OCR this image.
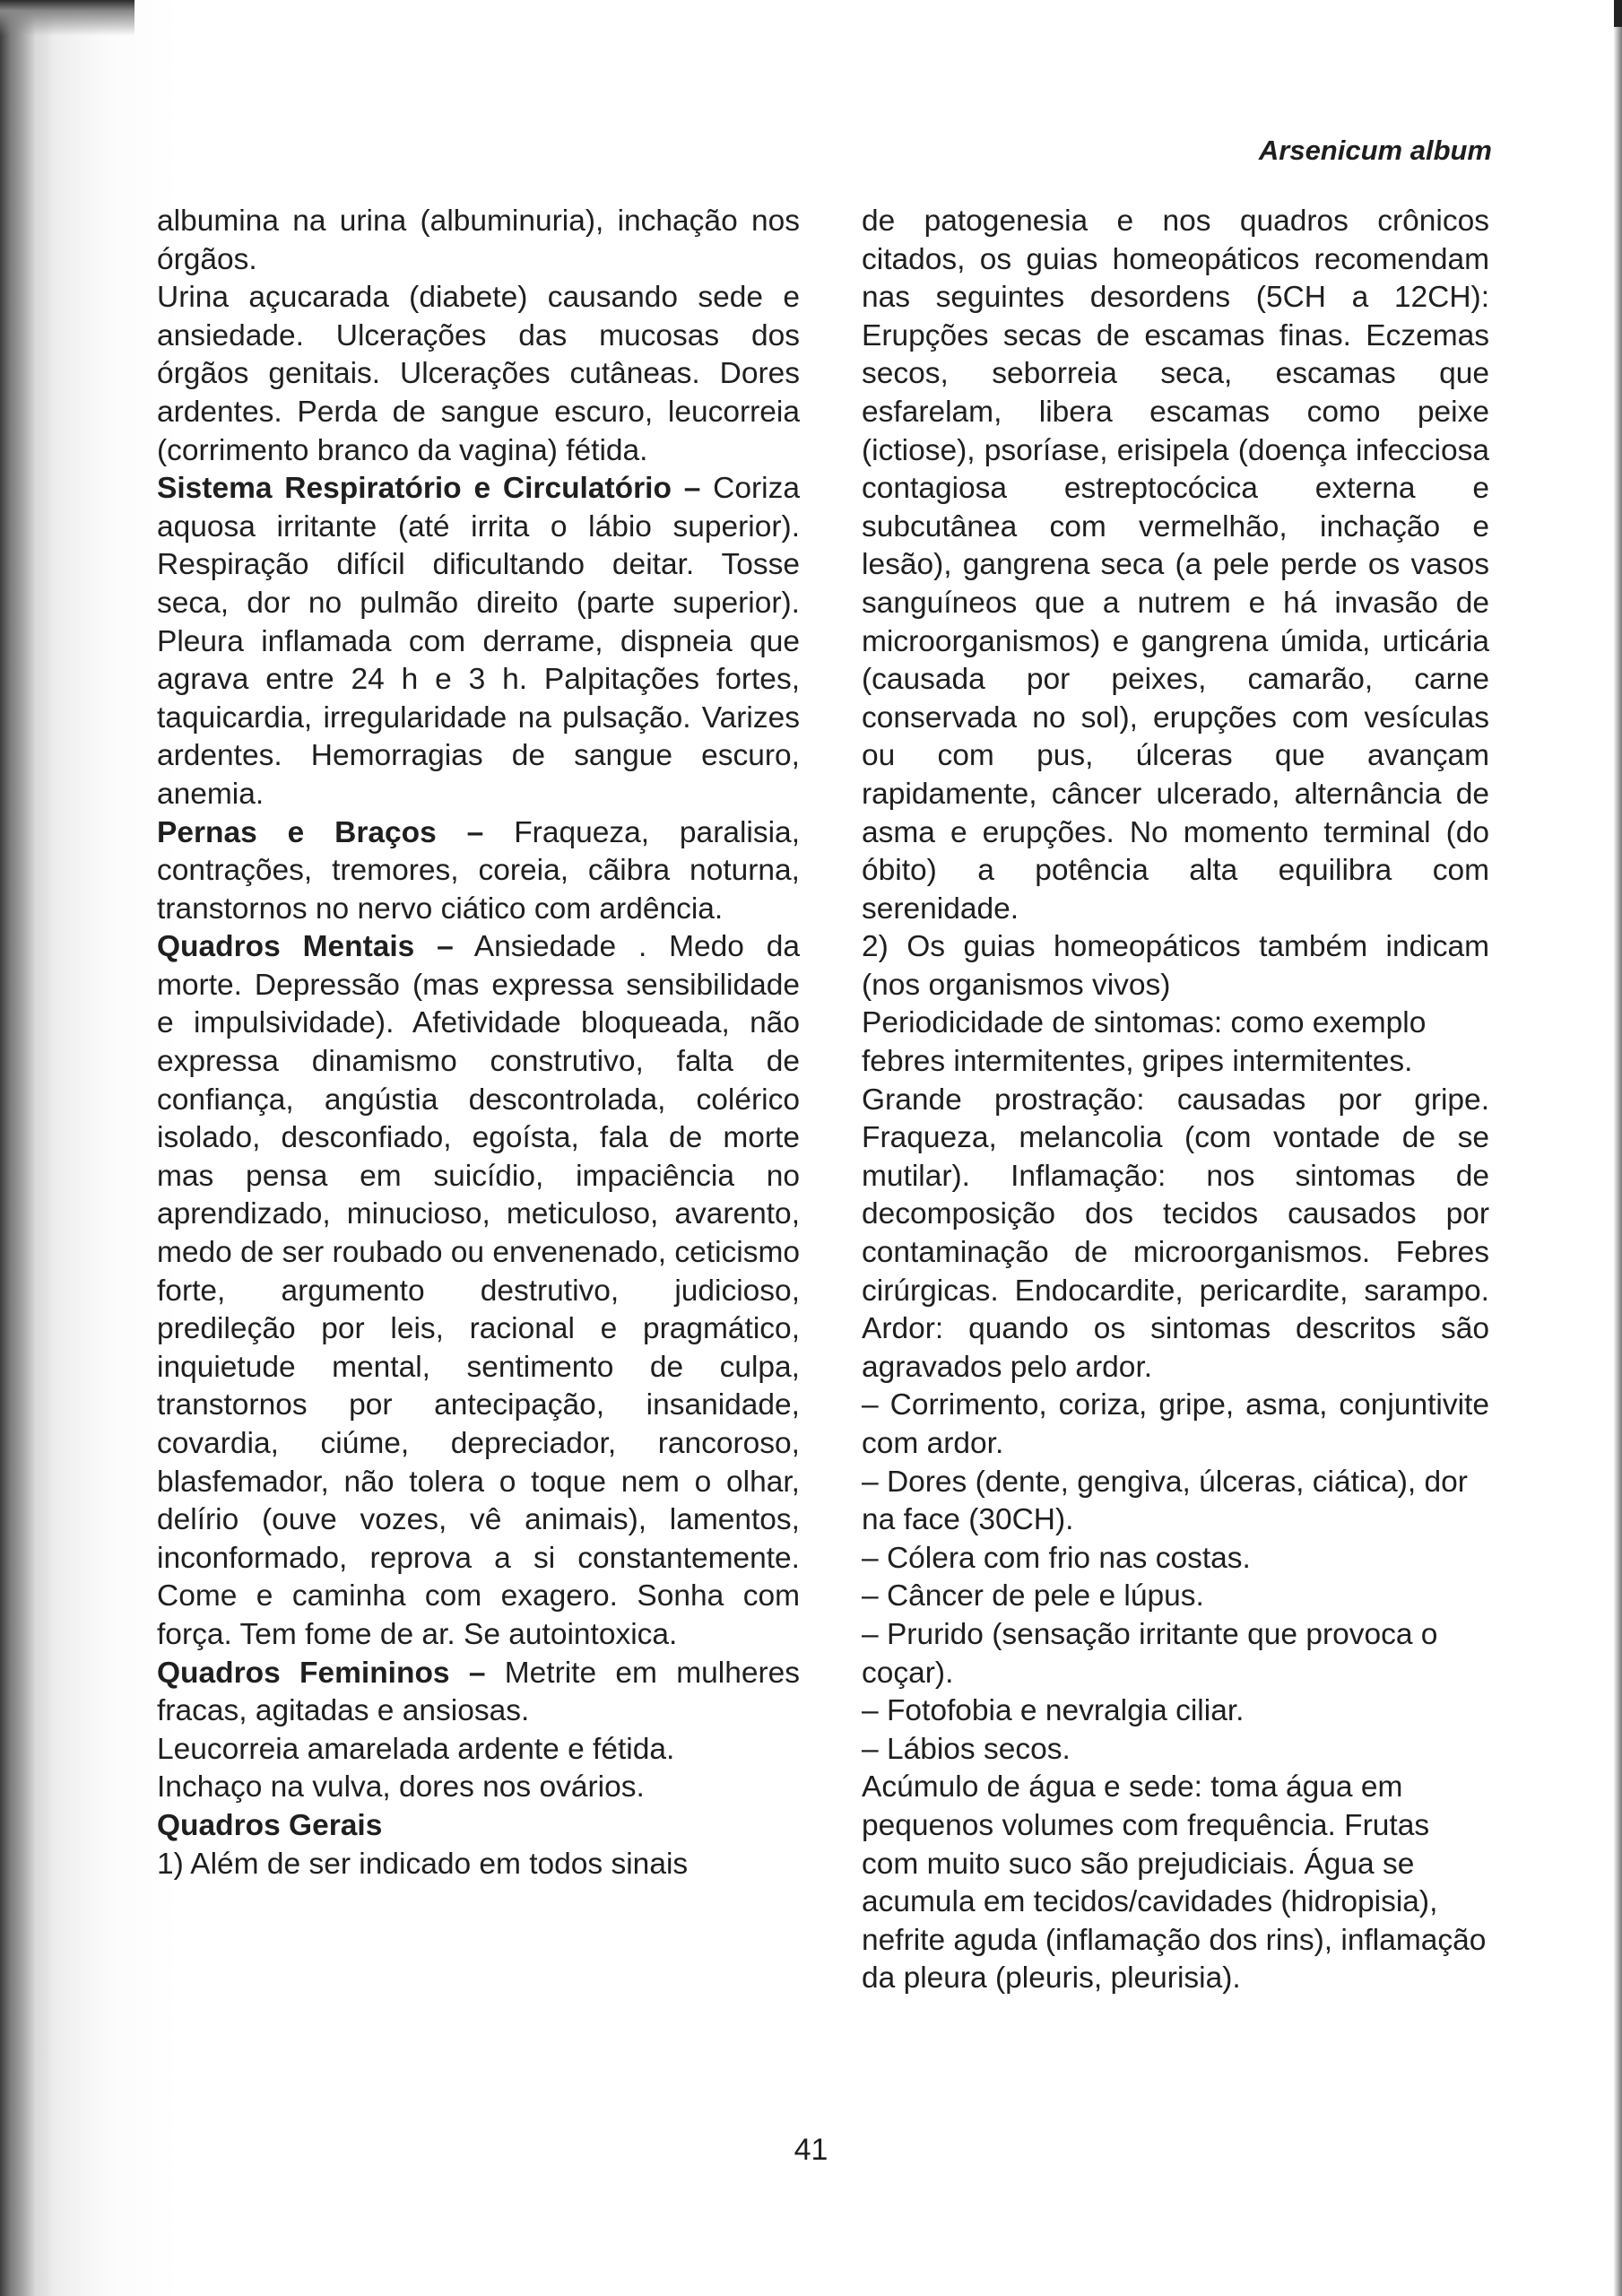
Arsenicum album

albumina na urina (albuminuria), inchação nos órgãos.

Urina açucarada (diabete) causando sede e ansiedade. Ulcerações das mucosas dos órgãos genitais. Ulcerações cutâneas. Dores ardentes. Perda de sangue escuro, leucorreia (corrimento branco da vagina) fétida.

Sistema Respiratório e Circulatório – Coriza aquosa irritante (até irrita o lábio superior). Respiração difícil dificultando deitar. Tosse seca, dor no pulmão direito (parte superior). Pleura inflamada com derrame, dispneia que agrava entre 24 h e 3 h. Palpitações fortes, taquicardia, irregularidade na pulsação. Varizes ardentes. Hemorragias de sangue escuro, anemia.

Pernas e Braços – Fraqueza, paralisia, contrações, tremores, coreia, cãibra noturna, transtornos no nervo ciático com ardência.

Quadros Mentais – Ansiedade . Medo da morte. Depressão (mas expressa sensibilidade e impulsividade). Afetividade bloqueada, não expressa dinamismo construtivo, falta de confiança, angústia descontrolada, colérico isolado, desconfiado, egoísta, fala de morte mas pensa em suicídio, impaciência no aprendizado, minucioso, meticuloso, avarento, medo de ser roubado ou envenenado, ceticismo forte, argumento destrutivo, judicioso, predileção por leis, racional e pragmático, inquietude mental, sentimento de culpa, transtornos por antecipação, insanidade, covardia, ciúme, depreciador, rancoroso, blasfemador, não tolera o toque nem o olhar, delírio (ouve vozes, vê animais), lamentos, inconformado, reprova a si constantemente. Come e caminha com exagero. Sonha com força. Tem fome de ar. Se autointoxica.

Quadros Femininos – Metrite em mulheres fracas, agitadas e ansiosas.

Leucorreia amarelada ardente e fétida.

Inchaço na vulva, dores nos ovários.

Quadros Gerais

1) Além de ser indicado em todos sinais

de patogenesia e nos quadros crônicos citados, os guias homeopáticos recomendam nas seguintes desordens (5CH a 12CH): Erupções secas de escamas finas. Eczemas secos, seborreia seca, escamas que esfarelam, libera escamas como peixe (ictiose), psoríase, erisipela (doença infecciosa contagiosa estreptocócica externa e subcutânea com vermelhão, inchação e lesão), gangrena seca (a pele perde os vasos sanguíneos que a nutrem e há invasão de microorganismos) e gangrena úmida, urticária (causada por peixes, camarão, carne conservada no sol), erupções com vesículas ou com pus, úlceras que avançam rapidamente, câncer ulcerado, alternância de asma e erupções. No momento terminal (do óbito) a potência alta equilibra com serenidade.

2) Os guias homeopáticos também indicam (nos organismos vivos)

Periodicidade de sintomas: como exemplo febres intermitentes, gripes intermitentes.

Grande prostração: causadas por gripe. Fraqueza, melancolia (com vontade de se mutilar). Inflamação: nos sintomas de decomposição dos tecidos causados por contaminação de microorganismos. Febres cirúrgicas. Endocardite, pericardite, sarampo. Ardor: quando os sintomas descritos são agravados pelo ardor.

– Corrimento, coriza, gripe, asma, conjuntivite com ardor.

– Dores (dente, gengiva, úlceras, ciática), dor na face (30CH).

– Cólera com frio nas costas.

– Câncer de pele e lúpus.

– Prurido (sensação irritante que provoca o coçar).

– Fotofobia e nevralgia ciliar.

– Lábios secos.

Acúmulo de água e sede: toma água em pequenos volumes com frequência. Frutas com muito suco são prejudiciais. Água se acumula em tecidos/cavidades (hidropisia), nefrite aguda (inflamação dos rins), inflamação da pleura (pleuris, pleurisia).

41
